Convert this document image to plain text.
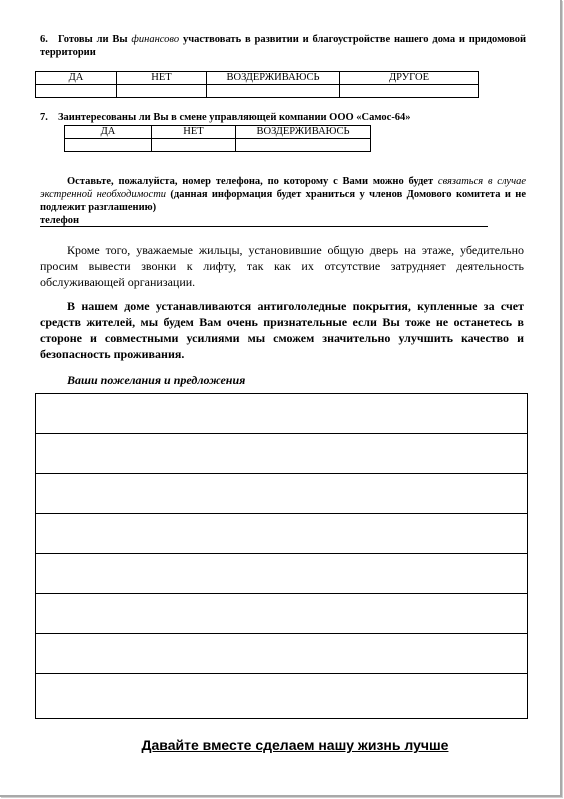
6. Готовы ли Вы финансово участвовать в развитии и благоустройстве нашего дома и придомовой территории
ДА	НЕТ	ВОЗДЕРЖИВАЮСЬ	ДРУГОЕ

7. Заинтересованы ли Вы в смене управляющей компании ООО «Самос-64»
ДА	НЕТ	ВОЗДЕРЖИВАЮСЬ

Оставьте, пожалуйста, номер телефона, по которому с Вами можно будет связаться в случае экстренной необходимости (данная информация будет храниться у членов Домового комитета и не подлежит разглашению)
телефон
Кроме того, уважаемые жильцы, установившие общую дверь на этаже, убедительно просим вывести звонки к лифту, так как их отсутствие затрудняет деятельность обслуживающей организации.
В нашем доме устанавливаются антигололедные покрытия, купленные за счет средств жителей, мы будем Вам очень признательные если Вы тоже не останетесь в стороне и совместными усилиями мы сможем значительно улучшить качество и безопасность проживания.
Ваши пожелания и предложения
Давайте вместе сделаем нашу жизнь лучше
